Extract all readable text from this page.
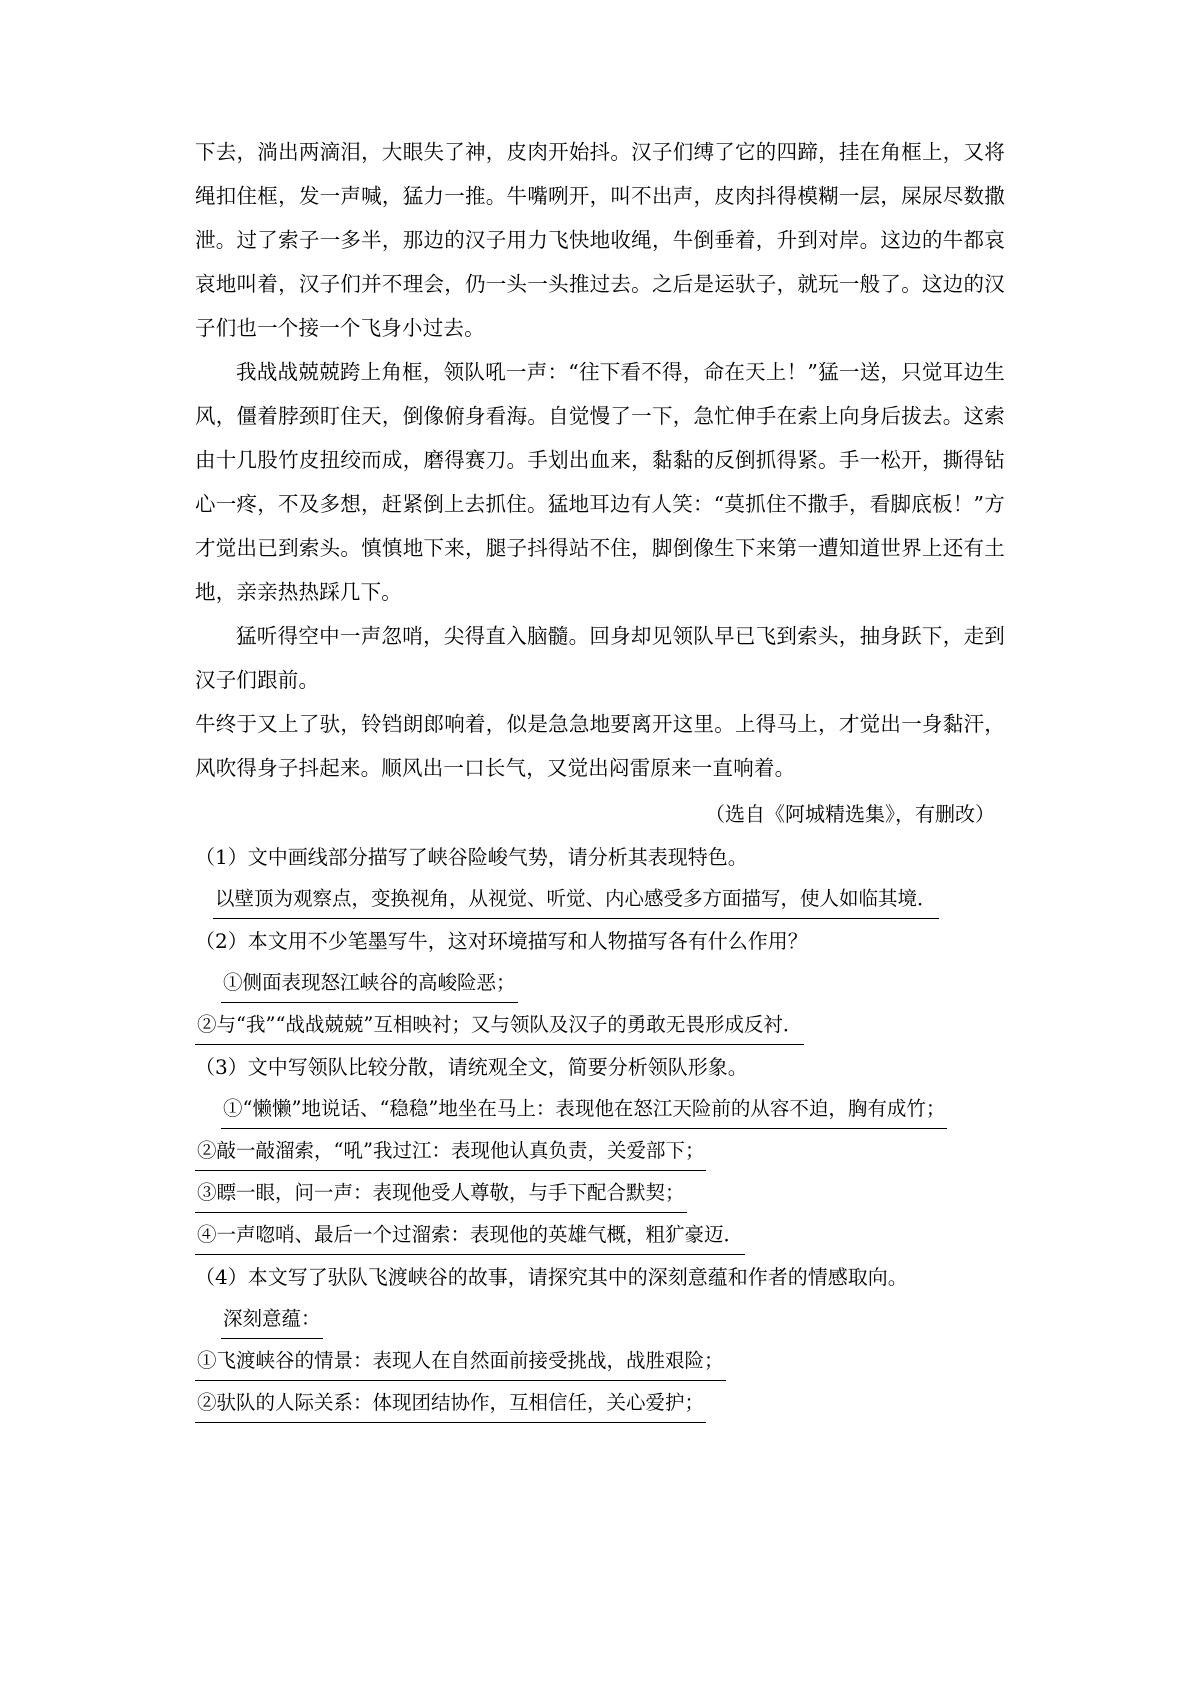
下去，淌出两滴泪，大眼失了神，皮肉开始抖。汉子们缚了它的四蹄，挂在角框上，又将绳扣住框，发一声喊，猛力一推。牛嘴咧开，叫不出声，皮肉抖得模糊一层，屎尿尽数撒泄。过了索子一多半，那边的汉子用力飞快地收绳，牛倒垂着，升到对岸。这边的牛都哀哀地叫着，汉子们并不理会，仍一头一头推过去。之后是运驮子，就玩一般了。这边的汉子们也一个接一个飞身小过去。

我战战兢兢跨上角框，领队吼一声：“往下看不得，命在天上！”猛一送，只觉耳边生风，僵着脖颈盯住天，倒像俯身看海。自觉慢了一下，急忙伸手在索上向身后拔去。这索由十几股竹皮扭绞而成，磨得赛刀。手划出血来，黏黏的反倒抓得紧。手一松开，撕得钻心一疼，不及多想，赶紧倒上去抓住。猛地耳边有人笑：“莫抓住不撒手，看脚底板！”方才觉出已到索头。慎慎地下来，腿子抖得站不住，脚倒像生下来第一遭知道世界上还有土地，亲亲热热踩几下。

猛听得空中一声忽哨，尖得直入脑髓。回身却见领队早已飞到索头，抽身跃下，走到汉子们跟前。

牛终于又上了驮，铃铛朗郎响着，似是急急地要离开这里。上得马上，才觉出一身黏汗，风吹得身子抖起来。顺风出一口长气，又觉出闷雷原来一直响着。

（选自《阿城精选集》，有删改）

（1）文中画线部分描写了峡谷险峻气势，请分析其表现特色。

以壁顶为观察点，变换视角，从视觉、听觉、内心感受多方面描写，使人如临其境．

（2）本文用不少笔墨写牛，这对环境描写和人物描写各有什么作用？

①侧面表现怒江峡谷的高峻险恶；
②与“我”“战战兢兢”互相映衬；又与领队及汉子的勇敢无畏形成反衬．

（3）文中写领队比较分散，请统观全文，简要分析领队形象。

①“懒懒”地说话、“稳稳”地坐在马上：表现他在怒江天险前的从容不迫，胸有成竹；
②敲一敲溜索，“吼”我过江：表现他认真负责，关爱部下；
③瞟一眼，问一声：表现他受人尊敬，与手下配合默契；
④一声唿哨、最后一个过溜索：表现他的英雄气概，粗犷豪迈．

（4）本文写了驮队飞渡峡谷的故事，请探究其中的深刻意蕴和作者的情感取向。

深刻意蕴：
①飞渡峡谷的情景：表现人在自然面前接受挑战，战胜艰险；
②驮队的人际关系：体现团结协作，互相信任，关心爱护；
